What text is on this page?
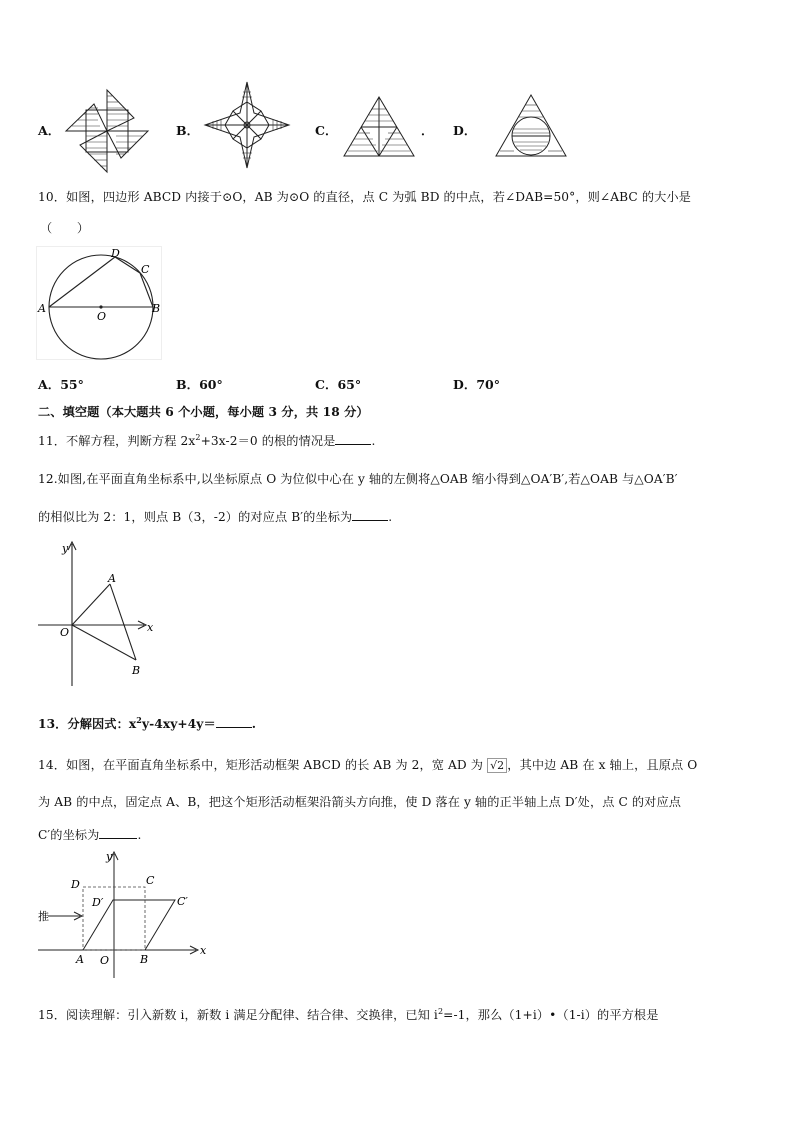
A．	B．	C．	． D．
10．如图，四边形 ABCD 内接于⊙O，AB 为⊙O 的直径，点 C 为弧 BD 的中点，若∠DAB=50°，则∠ABC 的大小是
（　　）
A	B
C
D
O
A．55°	B．60°	C．65°	D．70°
二、填空题（本大题共 6 个小题，每小题 3 分，共 18 分）
11．不解方程，判断方程 $2x^2+3x-2=0$ 的根的情况是	.
12.如图,在平面直角坐标系中,以坐标原点 O 为位似中心在 y 轴的左侧将△OAB 缩小得到△OA′B′,若△OAB 与△OA′B′
的相似比为 2：1，则点 B（3，-2）的对应点 B′的坐标为	.
y
x
O
A
B
13．分解因式：$x^2y-4xy+4y=$	.
14．如图，在平面直角坐标系中，矩形活动框架 ABCD 的长 AB 为 2，宽 AD 为 √2 ，其中边 AB 在 x 轴上，且原点 O
为 AB 的中点，固定点 A、B，把这个矩形活动框架沿箭头方向推，使 D 落在 y 轴的正半轴上点 D′处，点 C 的对应点
C′的坐标为	.
y
x
D	C
D′	C′
推
A O	B
15．阅读理解：引入新数 i，新数 i 满足分配律、结合律、交换律，已知 $i^2=-1$，那么（1+i）•（1-i）的平方根是
